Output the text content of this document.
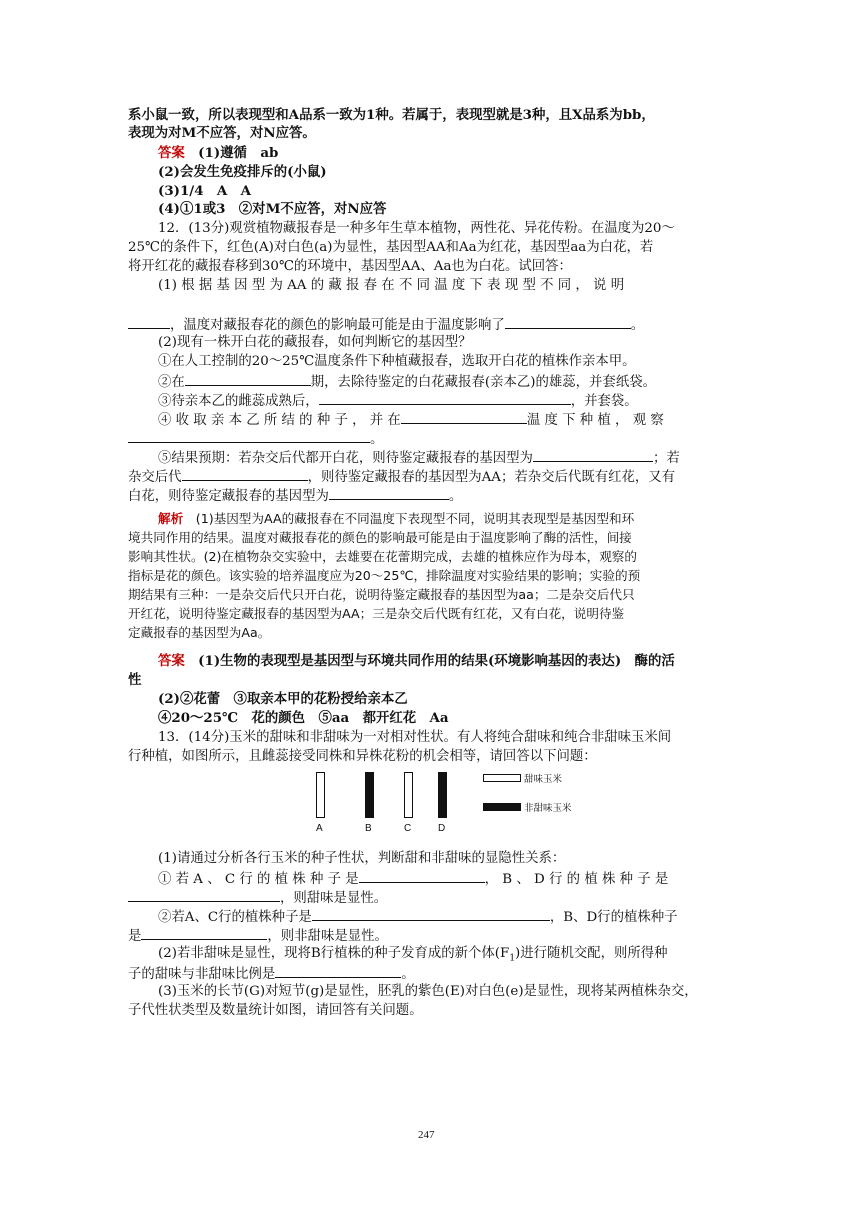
系小鼠一致，所以表现型和A品系一致为1种。若属于，表现型就是3种，且X品系为bb，
表现为对M不应答，对N应答。
答案　 (1)遵循　ab
(2)会发生免疫排斥的(小鼠)
(3)1/4　A　A
(4)①1或3　②对M不应答，对N应答
12．(13分)观赏植物藏报春是一种多年生草本植物，两性花、异花传粉。在温度为20～
25℃的条件下，红色(A)对白色(a)为显性，基因型AA和Aa为红花，基因型aa为白花，若
将开红花的藏报春移到30℃的环境中，基因型AA、Aa也为白花。试回答：
(1) 根 据 基 因 型 为 AA 的 藏 报 春 在 不 同 温 度 下 表 现 型 不 同 ， 说 明
，温度对藏报春花的颜色的影响最可能是由于温度影响了	。
(2)现有一株开白花的藏报春，如何判断它的基因型？
①在人工控制的20～25℃温度条件下种植藏报春，选取开白花的植株作亲本甲。
②在	期，去除待鉴定的白花藏报春(亲本乙)的雄蕊，并套纸袋。
③待亲本乙的雌蕊成熟后，	，并套袋。
④ 收 取 亲 本 乙 所 结 的 种 子 ， 并 在	温 度 下 种 植 ， 观 察
。
⑤结果预期：若杂交后代都开白花，则待鉴定藏报春的基因型为	；若
杂交后代	，则待鉴定藏报春的基因型为AA；若杂交后代既有红花，又有
白花，则待鉴定藏报春的基因型为	。
解析　 (1)基因型为AA的藏报春在不同温度下表现型不同，说明其表现型是基因型和环
境共同作用的结果。温度对藏报春花的颜色的影响最可能是由于温度影响了酶的活性，间接
影响其性状。(2)在植物杂交实验中，去雄要在花蕾期完成，去雄的植株应作为母本，观察的
指标是花的颜色。该实验的培养温度应为20～25℃，排除温度对实验结果的影响；实验的预
期结果有三种：一是杂交后代只开白花，说明待鉴定藏报春的基因型为aa；二是杂交后代只
开红花，说明待鉴定藏报春的基因型为AA；三是杂交后代既有红花，又有白花，说明待鉴
定藏报春的基因型为Aa。
答案　 (1)生物的表现型是基因型与环境共同作用的结果(环境影响基因的表达)　酶的活
性
(2)②花蕾　③取亲本甲的花粉授给亲本乙
④20～25℃　花的颜色　⑤aa　都开红花　Aa
13．(14分)玉米的甜味和非甜味为一对相对性状。有人将纯合甜味和纯合非甜味玉米间
行种植，如图所示，且雌蕊接受同株和异株花粉的机会相等，请回答以下问题：
A	B	C	D
甜味玉米
非甜味玉米
(1)请通过分析各行玉米的种子性状，判断甜和非甜味的显隐性关系：
① 若 A 、 C 行 的 植 株 种 子 是	， B 、 D 行 的 植 株 种 子 是
，则甜味是显性。
②若A、C行的植株种子是	，B、D行的植株种子
是	，则非甜味是显性。
(2)若非甜味是显性，现将B行植株的种子发育成的新个体$(F_1)$进行随机交配，则所得种
子的甜味与非甜味比例是	。
(3)玉米的长节(G)对短节(g)是显性，胚乳的紫色(E)对白色(e)是显性，现将某两植株杂交，
子代性状类型及数量统计如图，请回答有关问题。
247
